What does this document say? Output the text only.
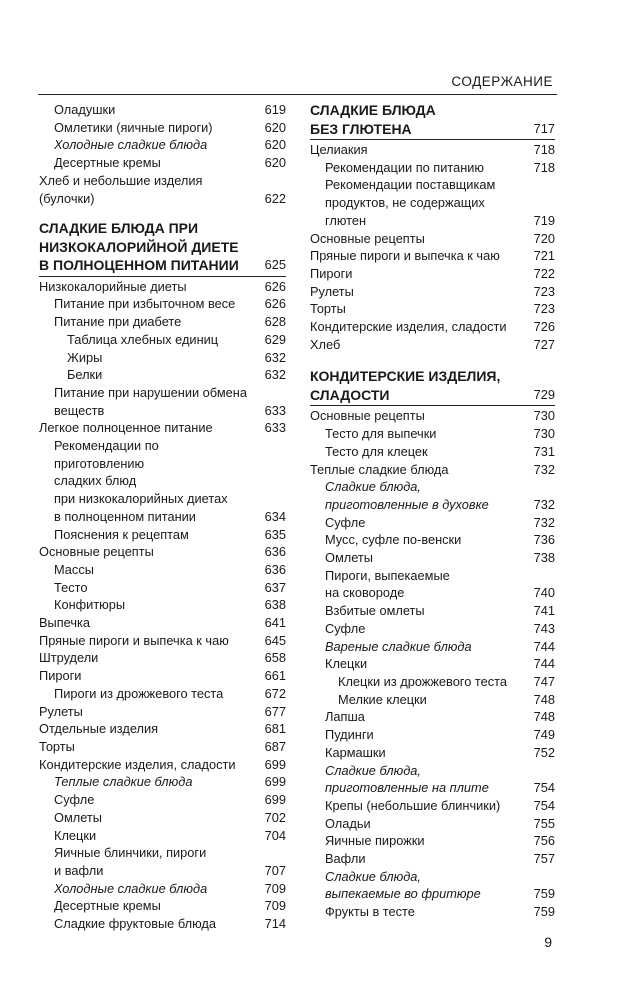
СОДЕРЖАНИЕ
Оладушки	619
Омлетики (яичные пироги)	620
Холодные сладкие блюда	620
Десертные кремы	620
Хлеб и небольшие изделия
(булочки)	622
СЛАДКИЕ БЛЮДА ПРИ
НИЗКОКАЛОРИЙНОЙ ДИЕТЕ
В ПОЛНОЦЕННОМ ПИТАНИИ	625
Низкокалорийные диеты	626
Питание при избыточном весе	626
Питание при диабете	628
Таблица хлебных единиц	629
Жиры	632
Белки	632
Питание при нарушении обмена
веществ	633
Легкое полноценное питание	633
Рекомендации по приготовлению
сладких блюд
при низкокалорийных диетах
в полноценном питании	634
Пояснения к рецептам	635
Основные рецепты	636
Массы	636
Тесто	637
Конфитюры	638
Выпечка	641
Пряные пироги и выпечка к чаю	645
Штрудели	658
Пироги	661
Пироги из дрожжевого теста	672
Рулеты	677
Отдельные изделия	681
Торты	687
Кондитерские изделия, сладости	699
Теплые сладкие блюда	699
Суфле	699
Омлеты	702
Клецки	704
Яичные блинчики, пироги
и вафли	707
Холодные сладкие блюда	709
Десертные кремы	709
Сладкие фруктовые блюда	714
СЛАДКИЕ БЛЮДА
БЕЗ ГЛЮТЕНА	717
Целиакия	718
Рекомендации по питанию	718
Рекомендации поставщикам
продуктов, не содержащих
глютен	719
Основные рецепты	720
Пряные пироги и выпечка к чаю	721
Пироги	722
Рулеты	723
Торты	723
Кондитерские изделия, сладости	726
Хлеб	727
КОНДИТЕРСКИЕ ИЗДЕЛИЯ,
СЛАДОСТИ	729
Основные рецепты	730
Тесто для выпечки	730
Тесто для клецек	731
Теплые сладкие блюда	732
Сладкие блюда,
приготовленные в духовке	732
Суфле	732
Мусс, суфле по-венски	736
Омлеты	738
Пироги, выпекаемые
на сковороде	740
Взбитые омлеты	741
Суфле	743
Вареные сладкие блюда	744
Клецки	744
Клецки из дрожжевого теста	747
Мелкие клецки	748
Лапша	748
Пудинги	749
Кармашки	752
Сладкие блюда,
приготовленные на плите	754
Крепы (небольшие блинчики)	754
Оладьи	755
Яичные пирожки	756
Вафли	757
Сладкие блюда,
выпекаемые во фритюре	759
Фрукты в тесте	759
9
